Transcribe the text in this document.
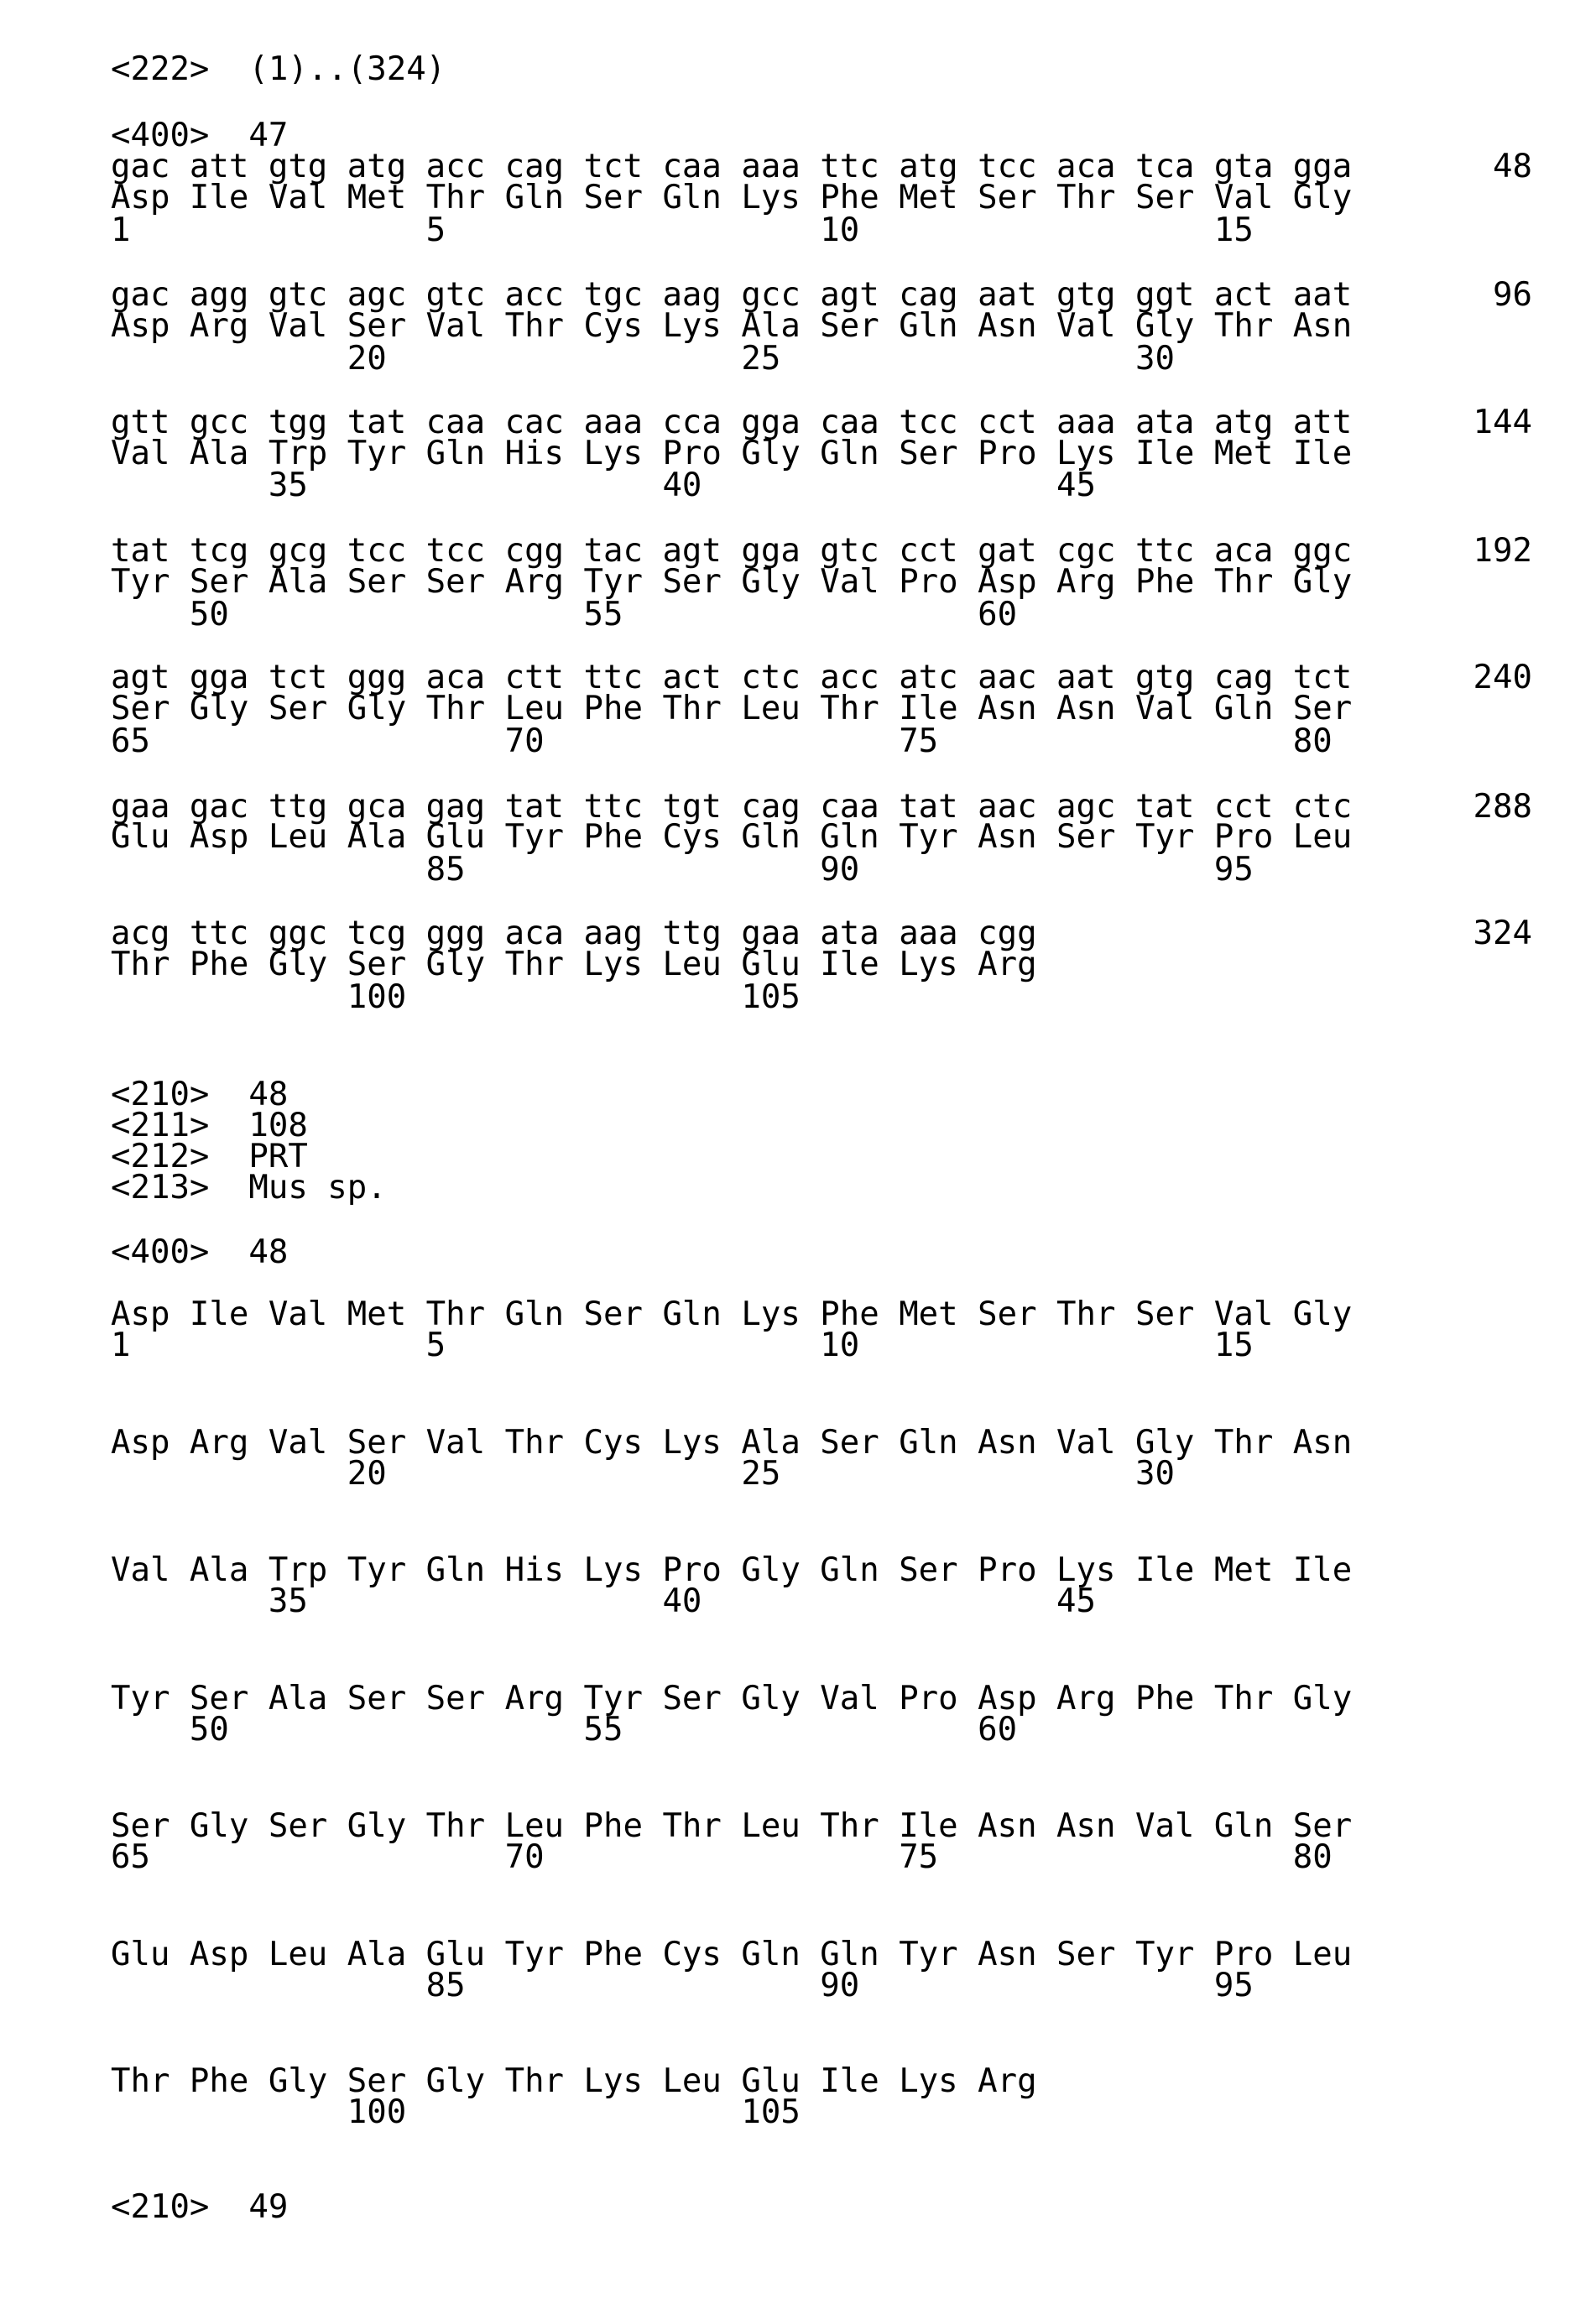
<222>  (1)..(324)
<400>  47
gac att gtg atg acc cag tct caa aaa ttc atg tcc aca tca gta gga	48
Asp Ile Val Met Thr Gln Ser Gln Lys Phe Met Ser Thr Ser Val Gly
1               5                   10                  15
gac agg gtc agc gtc acc tgc aag gcc agt cag aat gtg ggt act aat	96
Asp Arg Val Ser Val Thr Cys Lys Ala Ser Gln Asn Val Gly Thr Asn
20                  25                  30
gtt gcc tgg tat caa cac aaa cca gga caa tcc cct aaa ata atg att	144
Val Ala Trp Tyr Gln His Lys Pro Gly Gln Ser Pro Lys Ile Met Ile
35                  40                  45
tat tcg gcg tcc tcc cgg tac agt gga gtc cct gat cgc ttc aca ggc	192
Tyr Ser Ala Ser Ser Arg Tyr Ser Gly Val Pro Asp Arg Phe Thr Gly
50                  55                  60
agt gga tct ggg aca ctt ttc act ctc acc atc aac aat gtg cag tct	240
Ser Gly Ser Gly Thr Leu Phe Thr Leu Thr Ile Asn Asn Val Gln Ser
65                  70                  75                  80
gaa gac ttg gca gag tat ttc tgt cag caa tat aac agc tat cct ctc	288
Glu Asp Leu Ala Glu Tyr Phe Cys Gln Gln Tyr Asn Ser Tyr Pro Leu
85                  90                  95
acg ttc ggc tcg ggg aca aag ttg gaa ata aaa cgg	324
Thr Phe Gly Ser Gly Thr Lys Leu Glu Ile Lys Arg
100                 105
<210>  48
<211>  108
<212>  PRT
<213>  Mus sp.
<400>  48
Asp Ile Val Met Thr Gln Ser Gln Lys Phe Met Ser Thr Ser Val Gly
1               5                   10                  15
Asp Arg Val Ser Val Thr Cys Lys Ala Ser Gln Asn Val Gly Thr Asn
20                  25                  30
Val Ala Trp Tyr Gln His Lys Pro Gly Gln Ser Pro Lys Ile Met Ile
35                  40                  45
Tyr Ser Ala Ser Ser Arg Tyr Ser Gly Val Pro Asp Arg Phe Thr Gly
50                  55                  60
Ser Gly Ser Gly Thr Leu Phe Thr Leu Thr Ile Asn Asn Val Gln Ser
65                  70                  75                  80
Glu Asp Leu Ala Glu Tyr Phe Cys Gln Gln Tyr Asn Ser Tyr Pro Leu
85                  90                  95
Thr Phe Gly Ser Gly Thr Lys Leu Glu Ile Lys Arg
100                 105
<210>  49
